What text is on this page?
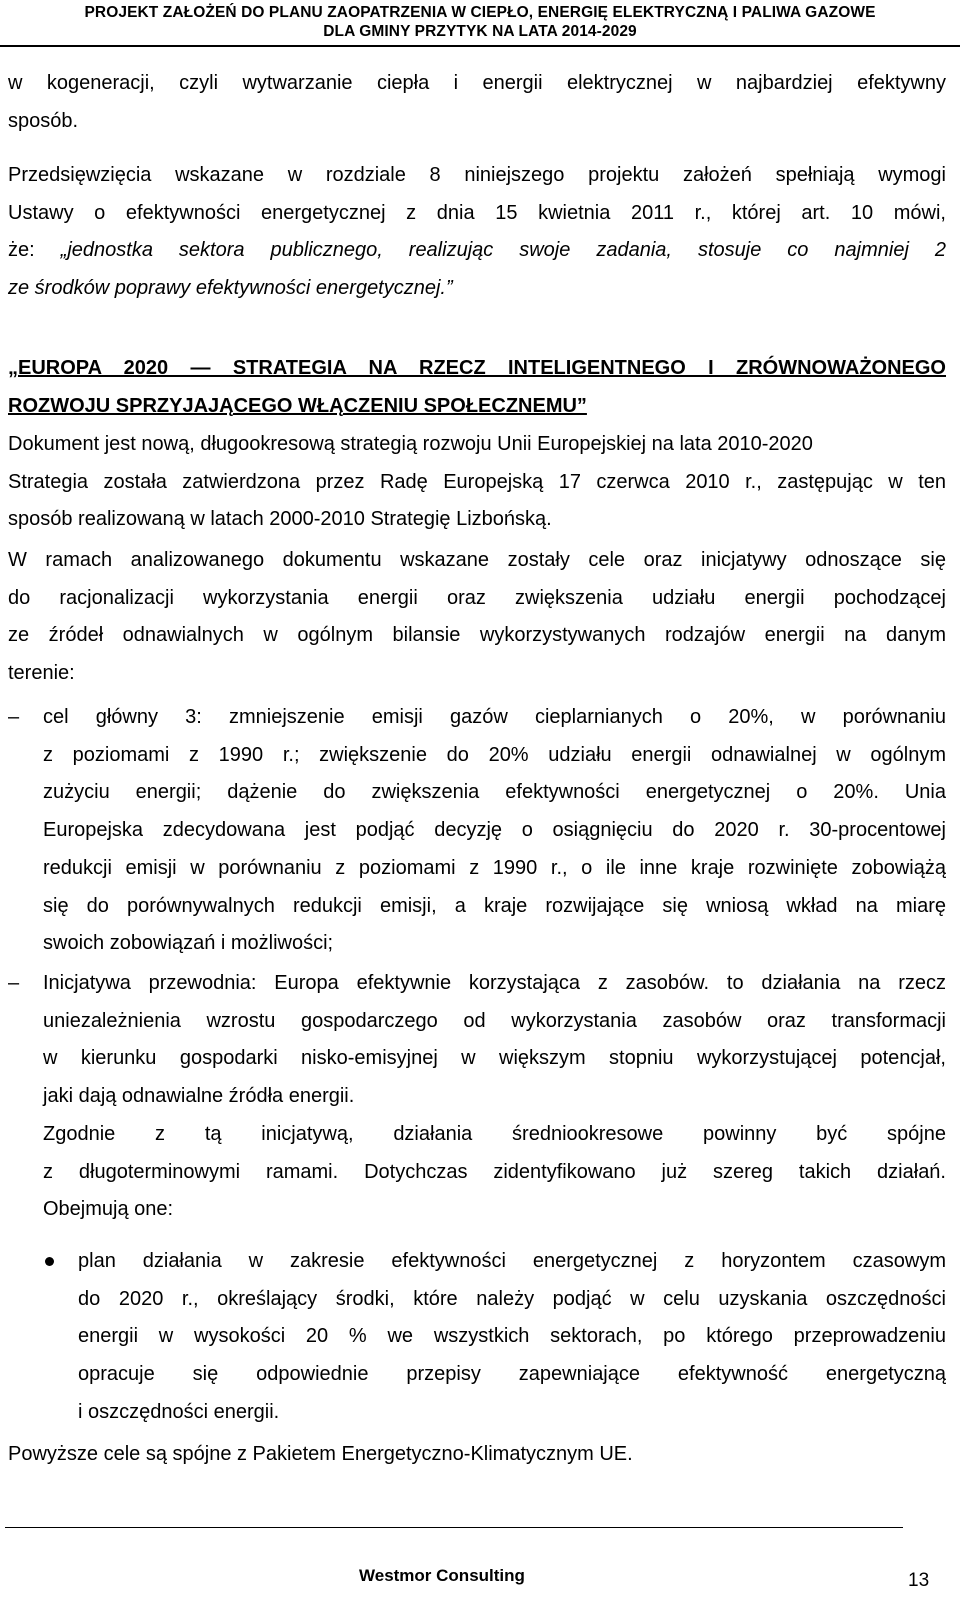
PROJEKT ZAŁOŻEŃ DO PLANU ZAOPATRZENIA W CIEPŁO, ENERGIĘ ELEKTRYCZNĄ I PALIWA GAZOWE
DLA GMINY PRZYTYK NA LATA 2014-2029
w kogeneracji, czyli wytwarzanie ciepła i energii elektrycznej w najbardziej efektywny
sposób.
Przedsięwzięcia wskazane w rozdziale 8 niniejszego projektu założeń spełniają wymogi
Ustawy o efektywności energetycznej z dnia 15 kwietnia 2011 r., której art. 10 mówi,
że: „jednostka sektora publicznego, realizując swoje zadania, stosuje co najmniej 2
ze środków poprawy efektywności energetycznej.”
„EUROPA 2020 — STRATEGIA NA RZECZ INTELIGENTNEGO I ZRÓWNOWAŻONEGO
ROZWOJU SPRZYJAJĄCEGO WŁĄCZENIU SPOŁECZNEMU”
Dokument jest nową, długookresową strategią rozwoju Unii Europejskiej na lata 2010-2020
Strategia została zatwierdzona przez Radę Europejską 17 czerwca 2010 r., zastępując w ten
sposób realizowaną w latach 2000-2010 Strategię Lizbońską.
W ramach analizowanego dokumentu wskazane zostały cele oraz inicjatywy odnoszące się
do racjonalizacji wykorzystania energii oraz zwiększenia udziału energii pochodzącej
ze źródeł odnawialnych w ogólnym bilansie wykorzystywanych rodzajów energii na danym
terenie:
– cel główny 3: zmniejszenie emisji gazów cieplarnianych o 20%, w porównaniu
z poziomami z 1990 r.; zwiększenie do 20% udziału energii odnawialnej w ogólnym
zużyciu energii; dążenie do zwiększenia efektywności energetycznej o 20%. Unia
Europejska zdecydowana jest podjąć decyzję o osiągnięciu do 2020 r. 30-procentowej
redukcji emisji w porównaniu z poziomami z 1990 r., o ile inne kraje rozwinięte zobowiążą
się do porównywalnych redukcji emisji, a kraje rozwijające się wniosą wkład na miarę
swoich zobowiązań i możliwości;
– Inicjatywa przewodnia: Europa efektywnie korzystająca z zasobów. to działania na rzecz
uniezależnienia wzrostu gospodarczego od wykorzystania zasobów oraz transformacji
w kierunku gospodarki nisko-emisyjnej w większym stopniu wykorzystującej potencjał,
jaki dają odnawialne źródła energii.
Zgodnie z tą inicjatywą, działania średniookresowe powinny być spójne
z długoterminowymi ramami. Dotychczas zidentyfikowano już szereg takich działań.
Obejmują one:
plan działania w zakresie efektywności energetycznej z horyzontem czasowym
do 2020 r., określający środki, które należy podjąć w celu uzyskania oszczędności
energii w wysokości 20 % we wszystkich sektorach, po którego przeprowadzeniu
opracuje się odpowiednie przepisy zapewniające efektywność energetyczną
i oszczędności energii.
Powyższe cele są spójne z Pakietem Energetyczno-Klimatycznym UE.
Westmor Consulting	13
